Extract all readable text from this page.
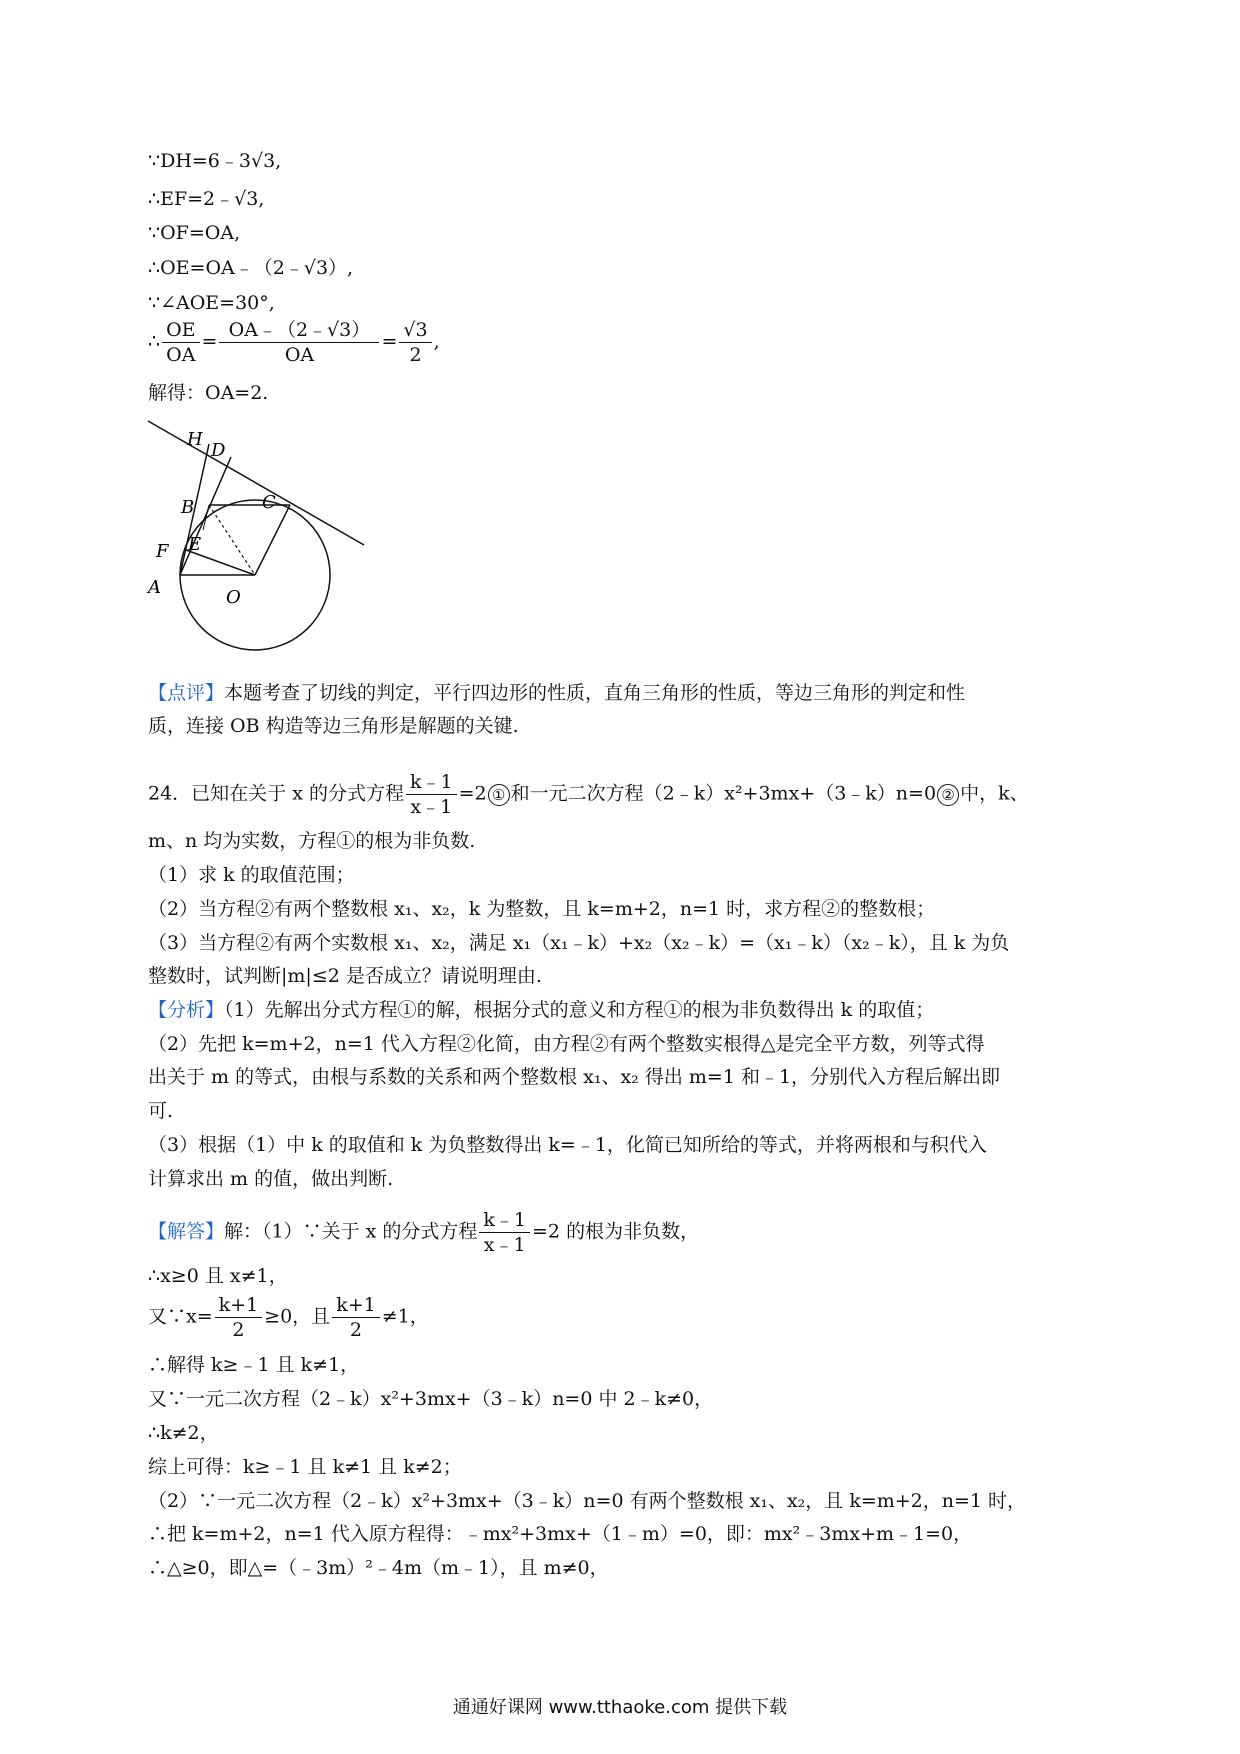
∵DH=6﹣3√3,
∴EF=2﹣√3,
∵OF=OA,
∴OE=OA﹣（2﹣√3）,
∵∠AOE=30°,
∴ $\frac{OE}{OA} = \frac{OA﹣(2﹣√3)}{OA} = \frac{√3}{2}$ ,
解得：OA=2.
H
D
B	C
F E
A	O
【点评】本题考查了切线的判定，平行四边形的性质，直角三角形的性质，等边三角形的判定和性
质，连接 OB 构造等边三角形是解题的关键.
24．已知在关于 x 的分式方程 $\frac{k﹣1}{x﹣1} =2$ ① 和一元二次方程（2﹣k）x²+3mx+（3﹣k）n=0 ② 中，k、
m、n 均为实数，方程①的根为非负数.
（1）求 k 的取值范围；
（2）当方程②有两个整数根 x₁、x₂，k 为整数，且 k=m+2，n=1 时，求方程②的整数根；
（3）当方程②有两个实数根 x₁、x₂，满足 x₁（x₁﹣k）+x₂（x₂﹣k）=（x₁﹣k）（x₂﹣k），且 k 为负
整数时，试判断|m|≤2 是否成立？请说明理由.
【分析】（1）先解出分式方程①的解，根据分式的意义和方程①的根为非负数得出 k 的取值；
（2）先把 k=m+2，n=1 代入方程②化简，由方程②有两个整数实根得△是完全平方数，列等式得
出关于 m 的等式，由根与系数的关系和两个整数根 x₁、x₂ 得出 m=1 和﹣1，分别代入方程后解出即
可.
（3）根据（1）中 k 的取值和 k 为负整数得出 k=﹣1，化简已知所给的等式，并将两根和与积代入
计算求出 m 的值，做出判断.
【解答】解：（1）∵关于 x 的分式方程 $\frac{k﹣1}{x﹣1} =2$ 的根为非负数，
∴x≥0 且 x≠1，
又∵x= $\frac{k+1}{2} \ge 0$，且 $\frac{k+1}{2} \ne 1$，
∴解得 k≥﹣1 且 k≠1，
又∵一元二次方程（2﹣k）x²+3mx+（3﹣k）n=0 中 2﹣k≠0，
∴k≠2，
综上可得：k≥﹣1 且 k≠1 且 k≠2；
（2）∵一元二次方程（2﹣k）x²+3mx+（3﹣k）n=0 有两个整数根 x₁、x₂，且 k=m+2，n=1 时，
∴把 k=m+2，n=1 代入原方程得：﹣mx²+3mx+（1﹣m）=0，即：mx²﹣3mx+m﹣1=0，
∴△≥0，即△=（﹣3m）²﹣4m（m﹣1），且 m≠0，
通通好课网 www.tthaoke.com 提供下载
